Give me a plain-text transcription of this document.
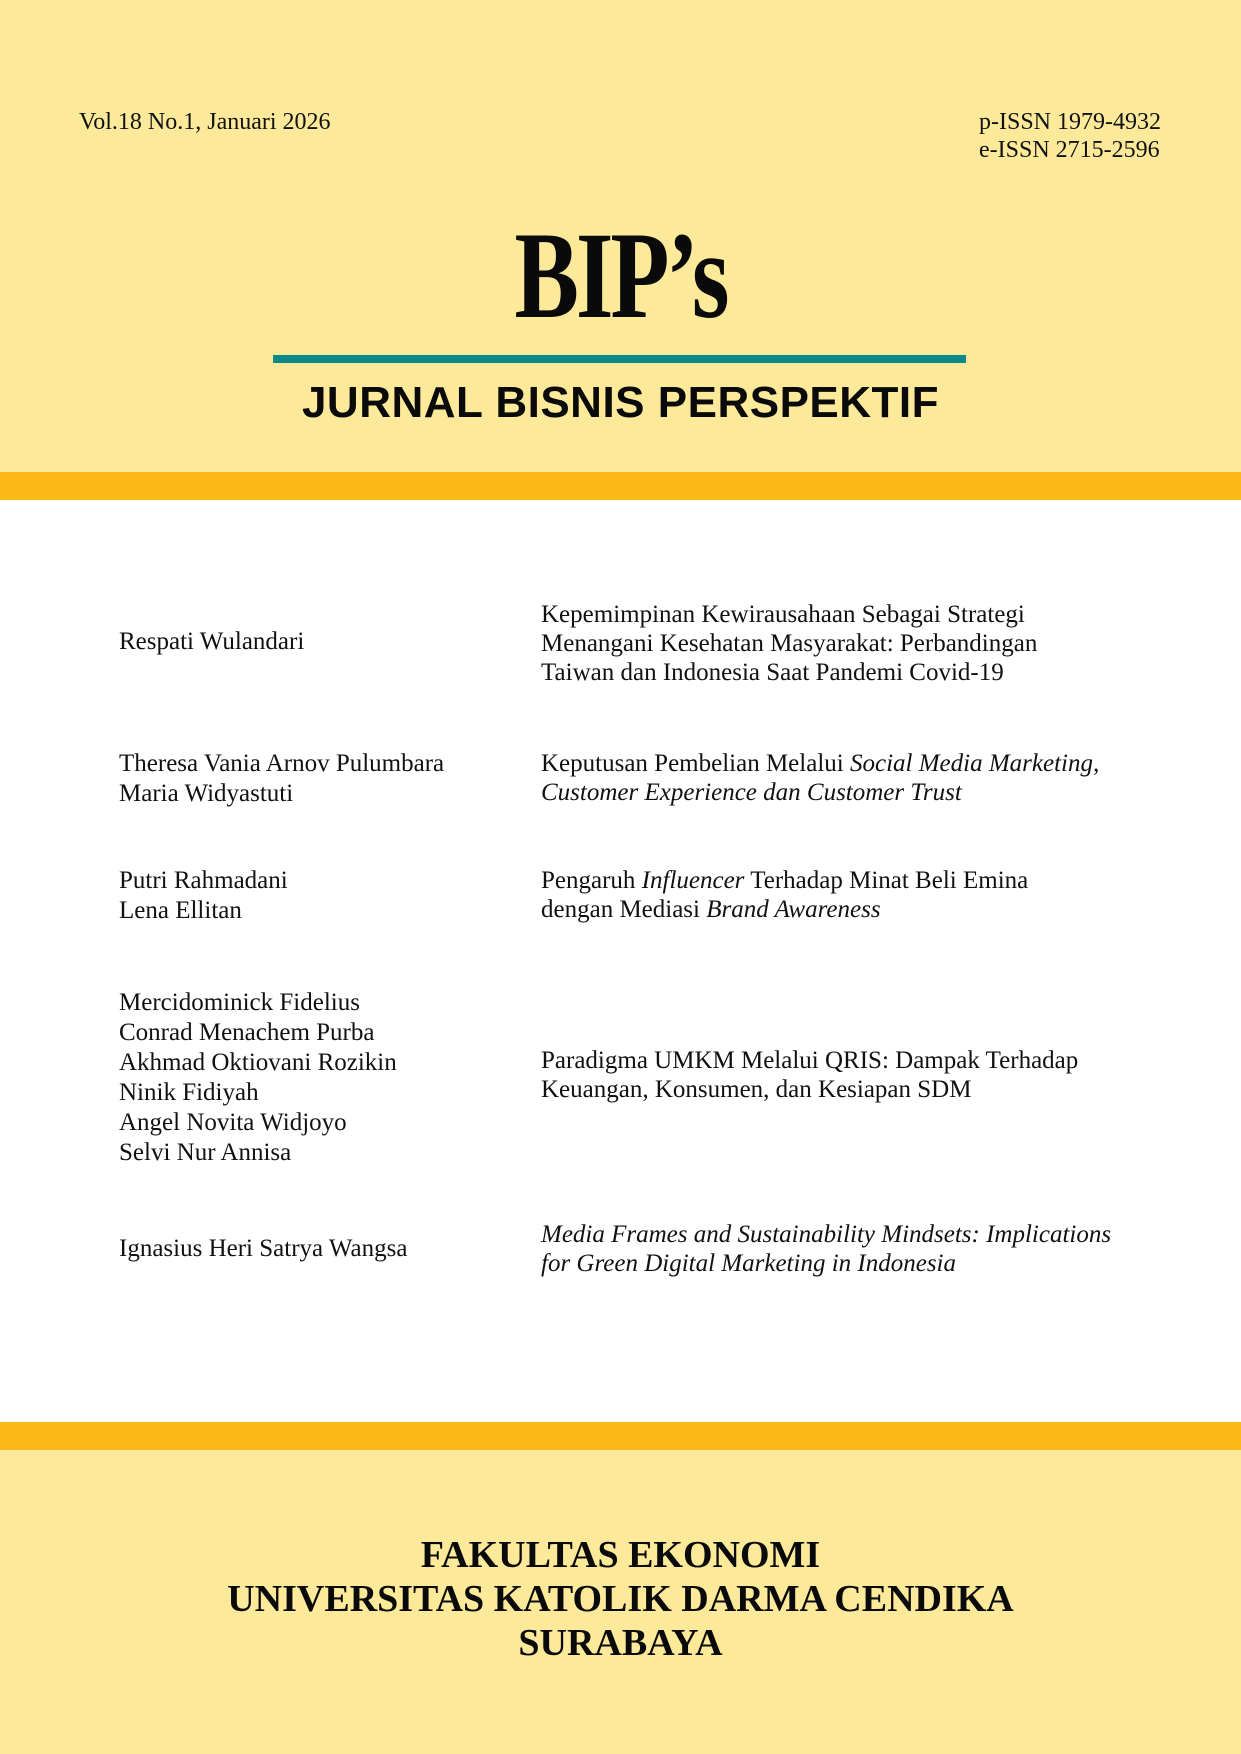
Vol.18 No.1, Januari 2026	p-ISSN 1979-4932
e-ISSN 2715-2596
BIP’s
JURNAL BISNIS PERSPEKTIF
Respati Wulandari
Kepemimpinan Kewirausahaan Sebagai Strategi
Menangani Kesehatan Masyarakat: Perbandingan
Taiwan dan Indonesia Saat Pandemi Covid-19
Theresa Vania Arnov Pulumbara
Maria Widyastuti
Keputusan Pembelian Melalui Social Media Marketing,
Customer Experience dan Customer Trust
Putri Rahmadani
Lena Ellitan
Pengaruh Influencer Terhadap Minat Beli Emina
dengan Mediasi Brand Awareness
Mercidominick Fidelius
Conrad Menachem Purba
Akhmad Oktiovani Rozikin
Ninik Fidiyah
Angel Novita Widjoyo
Selvi Nur Annisa
Paradigma UMKM Melalui QRIS: Dampak Terhadap
Keuangan, Konsumen, dan Kesiapan SDM
Ignasius Heri Satrya Wangsa
Media Frames and Sustainability Mindsets: Implications
for Green Digital Marketing in Indonesia
FAKULTAS EKONOMI
UNIVERSITAS KATOLIK DARMA CENDIKA
SURABAYA
